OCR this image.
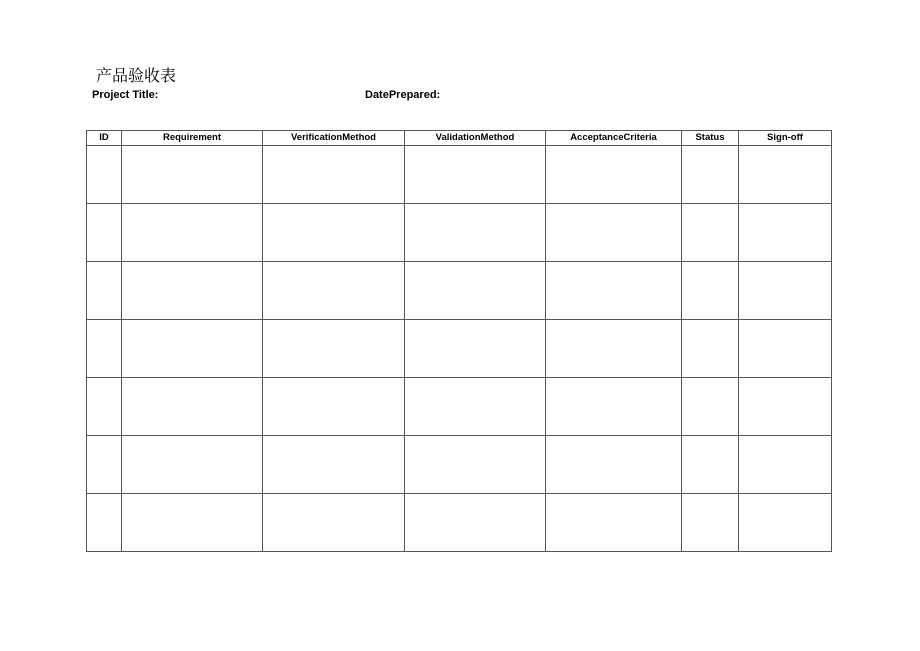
产品验收表
Project Title:	DatePrepared:
ID	Requirement	VerificationMethod	ValidationMethod	AcceptanceCriteria	Status	Sign-off
